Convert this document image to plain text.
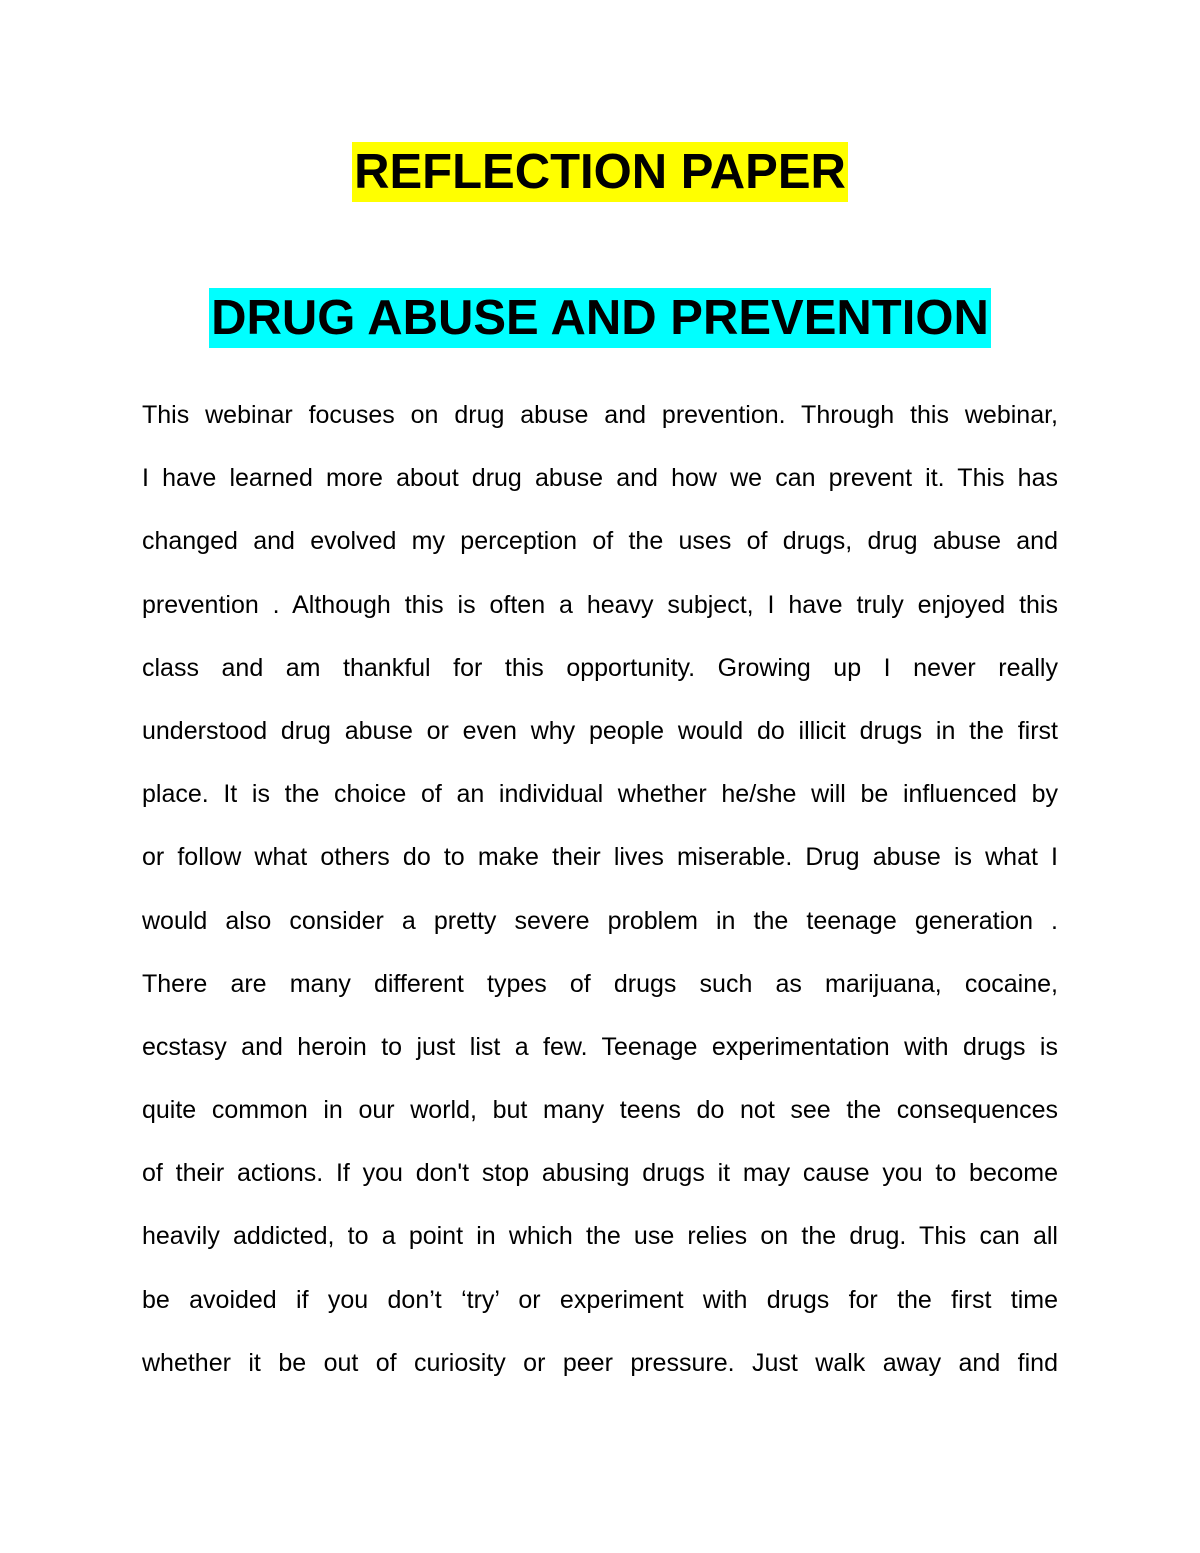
REFLECTION PAPER
DRUG ABUSE AND PREVENTION
This webinar focuses on drug abuse and prevention. Through this webinar,
I have learned more about drug abuse and how we can prevent it. This has
changed and evolved my perception of the uses of drugs, drug abuse and
prevention . Although this is often a heavy subject, I have truly enjoyed this
class and am thankful for this opportunity. Growing up I never really
understood drug abuse or even why people would do illicit drugs in the first
place. It is the choice of an individual whether he/she will be influenced by
or follow what others do to make their lives miserable. Drug abuse is what I
would also consider a pretty severe problem in the teenage generation .
There are many different types of drugs such as marijuana, cocaine,
ecstasy and heroin to just list a few. Teenage experimentation with drugs is
quite common in our world, but many teens do not see the consequences
of their actions. If you don't stop abusing drugs it may cause you to become
heavily addicted, to a point in which the use relies on the drug. This can all
be avoided if you don’t ‘try’ or experiment with drugs for the first time
whether it be out of curiosity or peer pressure. Just walk away and find
